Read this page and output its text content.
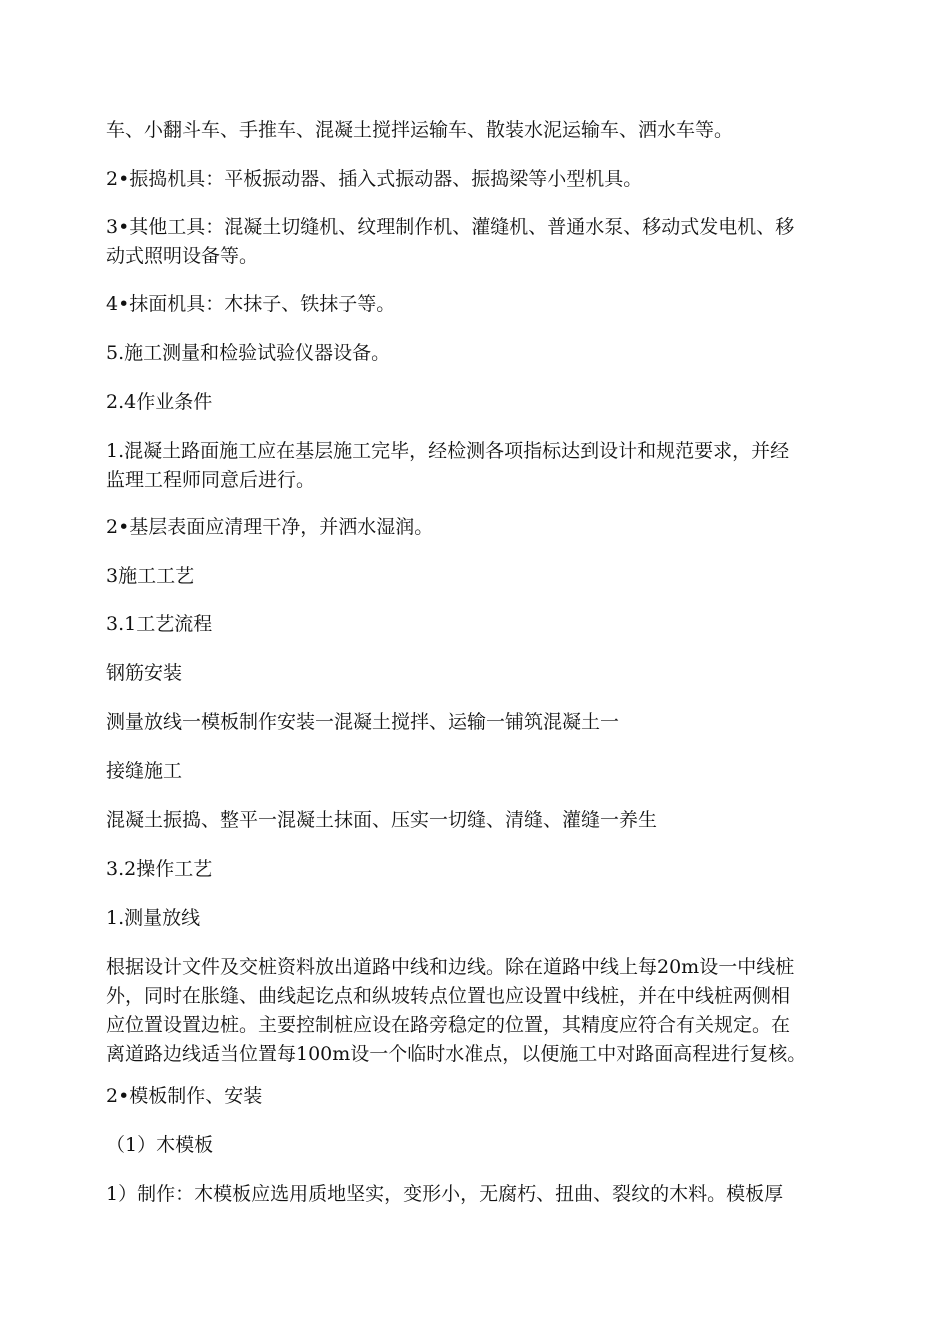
车、小翻斗车、手推车、混凝土搅拌运输车、散装水泥运输车、洒水车等。

2•振捣机具：平板振动器、插入式振动器、振捣梁等小型机具。

3•其他工具：混凝土切缝机、纹理制作机、灌缝机、普通水泵、移动式发电机、移
动式照明设备等。

4•抹面机具：木抹子、铁抹子等。

5.施工测量和检验试验仪器设备。

2.4作业条件

1.混凝土路面施工应在基层施工完毕，经检测各项指标达到设计和规范要求，并经
监理工程师同意后进行。

2•基层表面应清理干净，并洒水湿润。

3施工工艺

3.1工艺流程

钢筋安装

测量放线一模板制作安装一混凝土搅拌、运输一铺筑混凝土一

接缝施工

混凝土振捣、整平一混凝土抹面、压实一切缝、清缝、灌缝一养生

3.2操作工艺

1.测量放线

根据设计文件及交桩资料放出道路中线和边线。除在道路中线上每20m设一中线桩
外，同时在胀缝、曲线起讫点和纵坡转点位置也应设置中线桩，并在中线桩两侧相
应位置设置边桩。主要控制桩应设在路旁稳定的位置，其精度应符合有关规定。在
离道路边线适当位置每100m设一个临时水准点，以便施工中对路面高程进行复核。

2•模板制作、安装

（1）木模板

1）制作：木模板应选用质地坚实，变形小，无腐朽、扭曲、裂纹的木料。模板厚
